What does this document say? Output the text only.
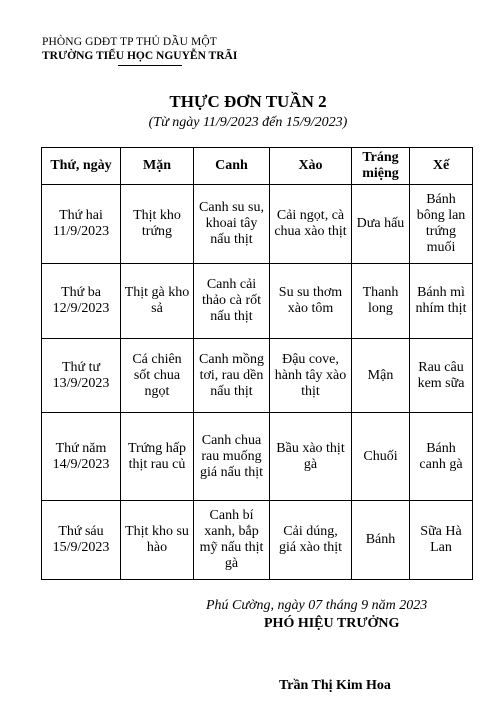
PHÒNG GDĐT TP THỦ DẦU MỘT
TRƯỜNG TIỂU HỌC NGUYỄN TRÃI
THỰC ĐƠN TUẦN 2
(Từ ngày 11/9/2023 đến 15/9/2023)
Thứ, ngày	Mặn	Canh	Xào	Tráng miệng	Xế
Thứ hai 11/9/2023	Thịt kho trứng	Canh su su, khoai tây nấu thịt	Cải ngọt, cà chua xào thịt	Dưa hấu	Bánh bông lan trứng muối
Thứ ba 12/9/2023	Thịt gà kho sả	Canh cải thảo cà rốt nấu thịt	Su su thơm xào tôm	Thanh long	Bánh mì nhím thịt
Thứ tư 13/9/2023	Cá chiên sốt chua ngọt	Canh mồng tơi, rau dền nấu thịt	Đậu cove, hành tây xào thịt	Mận	Rau câu kem sữa
Thứ năm 14/9/2023	Trứng hấp thịt rau củ	Canh chua rau muống giá nấu thịt	Bầu xào thịt gà	Chuối	Bánh canh gà
Thứ sáu 15/9/2023	Thịt kho su hào	Canh bí xanh, bắp mỹ nấu thịt gà	Cải dúng, giá xào thịt	Bánh	Sữa Hà Lan
Phú Cường, ngày 07 tháng 9 năm 2023
PHÓ HIỆU TRƯỞNG
Trần Thị Kim Hoa
